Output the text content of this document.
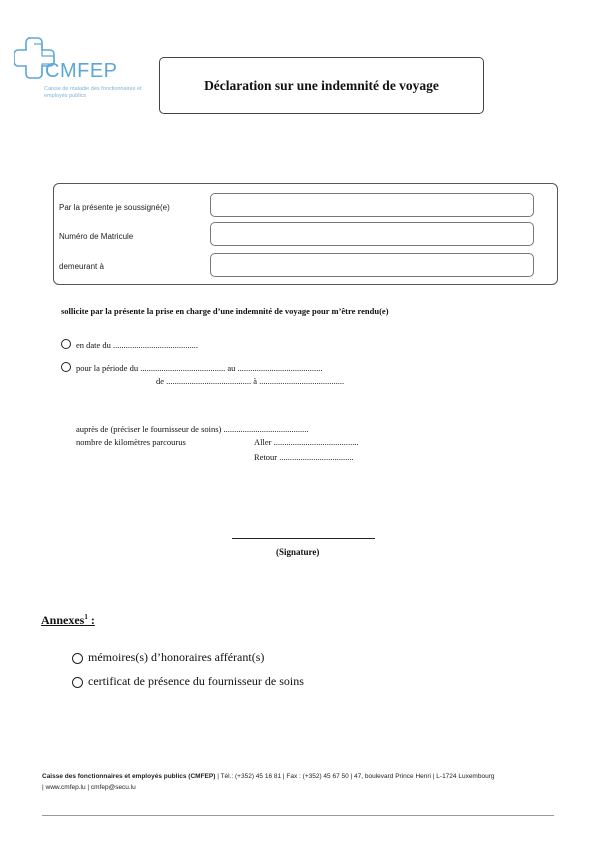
CMFEP
Caisse de maladie des fonctionnaires et employés publics
Déclaration sur une indemnité de voyage
Par la présente je soussigné(e)
Numéro de Matricule
demeurant à
sollicite par la présente la prise en charge d’une indemnité de voyage pour m’être rendu(e)
en date du ........................................
pour la période du ........................................ au ........................................
de ........................................ à ........................................
auprès de (préciser le fournisseur de soins) ........................................
nombre de kilomètres parcourus	Aller ........................................
Retour ...................................
(Signature)
Annexes$^1$ :
mémoires(s) d’honoraires afférant(s)
certificat de présence du fournisseur de soins
Caisse des fonctionnaires et employés publics (CMFEP) | Tél.: (+352) 45 16 81 | Fax : (+352) 45 67 50 | 47, boulevard Prince Henri | L-1724 Luxembourg
| www.cmfep.lu | cmfep@secu.lu
